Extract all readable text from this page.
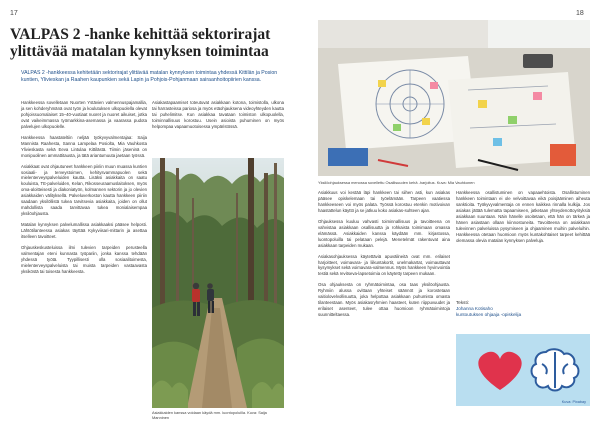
17
VALPAS 2 -hanke kehittää sektorirajat ylittävää matalan kynnyksen toimintaa

VALPAS 2 -hankkeessa kehitetään sektorirajat ylittävää matalan kynnyksen toimintaa yhdessä Kittilän ja Posion kuntien, Ylivieskan ja Raahen kaupunkien sekä Lapin ja Pohjois-Pohjanmaan sairaanhoitopiirien kanssa.

Hankkeessa sovelletaan Nuorten Ystävien valmennuspajamallia, ja sen kohderyhmänä ovat työn ja koulutuksen ulkopuolella olevat pohjoissuomalaiset 15–40-vuotiaat nuoret ja nuoret aikuiset, jotka ovat vaikeimmassa työmarkkina-asemassa ja vaarassa pudota palvelujen ulkopuolelle.

Hankkeessa haastateltiin neljää työkyvyvalmentajaa: Saija Mannista Raahesta, Sanna Lampelaa Posiolta, Mia Vauhkosta Ylivieskasta sekä Eeva Lintulaa Kittilästä. Tiimin jäseninä on monipuolinen ammattitausta, ja tätä ariantumuuta jaetaan työssä.

Asiakkaat ovat ohjautuneet hankkeen piiriin muun muassa kuntien sosiaali- ja terveystoimen, kehitysvammapuolen sekä mielenterveyspalveluiden kautta. Lisäksi asiakkaita on saatu kouluista, TE-palveluiden, Kelan, Rikosseuraamuslaitoksen, myös oma-aloitteisesti ja diakoniatyön, kolmannen sektorin ja jo olevien asiakkaiden välityksellä. Palveluverkoston kautta hankkeen piiriin saadaan yksilöllistä tukea tarvitsevia asiakkaita, joiden on ollut mahdollista saada tarvittavaa tukea monialaisempaa yksilöohjausta.

Matalan kynnyksen palvelumallissa asiakkaaksi pääsee helposti. Lähtötilanteessa asiakas täyttää Kykyviisari-mittarin ja asettaa itselleen tavoitteet.

Ohjauskeskusteluissa ilmi tulevien tarpeiden perusteella valmentajan eteni kunnasta työpariin, jonka kanssa tehdään yhdessä työtä. Tyypillisesti olla sosiaalitoimesta, mielenterveyspalveluista tai muista tarpeiden vastaavasta yksiköstä tai toisesta hankkeesta.

Asiakastapaamiset toteutuvat asiakkaan kotona, toimistolla, ulkona tai harrasteissa pariosa ja myös etäohjauksena videoyhteyden kautta tai puhelimitse. Kun asiakkaa tavataan toimiston ulkopuolella, toiminnallisuus korostuu. Usein asioista puhuminen on myös helpompaa vapaamuotoisessa ympäristössä.

Asiakkaiden kanssa voidaan käydä mm. luontopoluilla. Kuva: Saija Manninen

18

Yksilöohjauksessa menossa sovellettu Osallisuuden kehä -harjoitus. Kuva: Mia Vauhkonen

Asiakkuus voi kestää läpi hankkeen tai siihen asti, kun asiakas pääsee opiskelemaan tai työelämään. Tarpeen vaatiessa hankkeeseen voi myös palata. Työssä korostuu etenkin motivoivan haastattelun käyttö ja se jatkuu koko asiakas-suhteen ajan.

Ohjauksessa kuuluu vahvasti toiminnallisuus ja tavoitteena on vahvistaa asiakkaan osallisuutta ja rohkaista toimimaan omassa elämässä. Asiakkaiden kanssa käydään mm. kirjastossa, luontopoluilla tai pelataan pelejä. Menetelmät rakentuvat aina asiakkaan tarpeiden mukaan.

Asiakasohjauksessa käytettäviä apuvälineitä ovat mm. erilaiset harjoitteet, voimavara- ja liikuntakortit, unelmakartat, voimauttavat kysymykset sekä voimavara-valmennus. Myös hankkeen hyvinvointia testiä sekä revitseva-lapsetoimia on käytetty tarpeen mukaan.

Osa ohjauksesta on ryhmätoimintaa, osa taas yksilöohjausta. Ryhmiin alussa ovittaan yhteiset säännöt ja korostetaan vaitiolovelvollisuutta, joka helpottaa asiakkaan puhumista omasta tilanteestaan. Myös asiakasryhmien haasteet, kuten riippuvuudet ja erilaiset asenteet, tulee ottaa huomioon ryhmätoimintoja suunnitteltaessa.

Hankkeessa osallistuminen on vapaaehtoista. Osallistuminen hankkeen toimintaan ei ole velvoittavaa eikä poisjääminen aiheuta sanktioita. Työkyvyvalmentaja on ennen kaikkea rinnalla kulkija. Jos asiakas jättää tulematta tapaamiseen, jatketaan yhteydenottoyrityksiä asiakkaan suuntaan. Näin hänelle osoitetaan, että hän on tärkeä ja hänen asiastaan ollaan kiinnostuneita. Tavoitteena on asiakkaan tulevinnen palveluissa pysymiseen ja ohjaaminen muihin palveluihin. Hankkeessa otetaan huomioon myös kuntakohtaiset tarpeet kehittää olemassa olevia matalan kynnyksen palveluja.

Teksti:
Johanna Kotisaho
kuntoutuksen ohjaaja -opiskelija
Kuva: Pixabay
